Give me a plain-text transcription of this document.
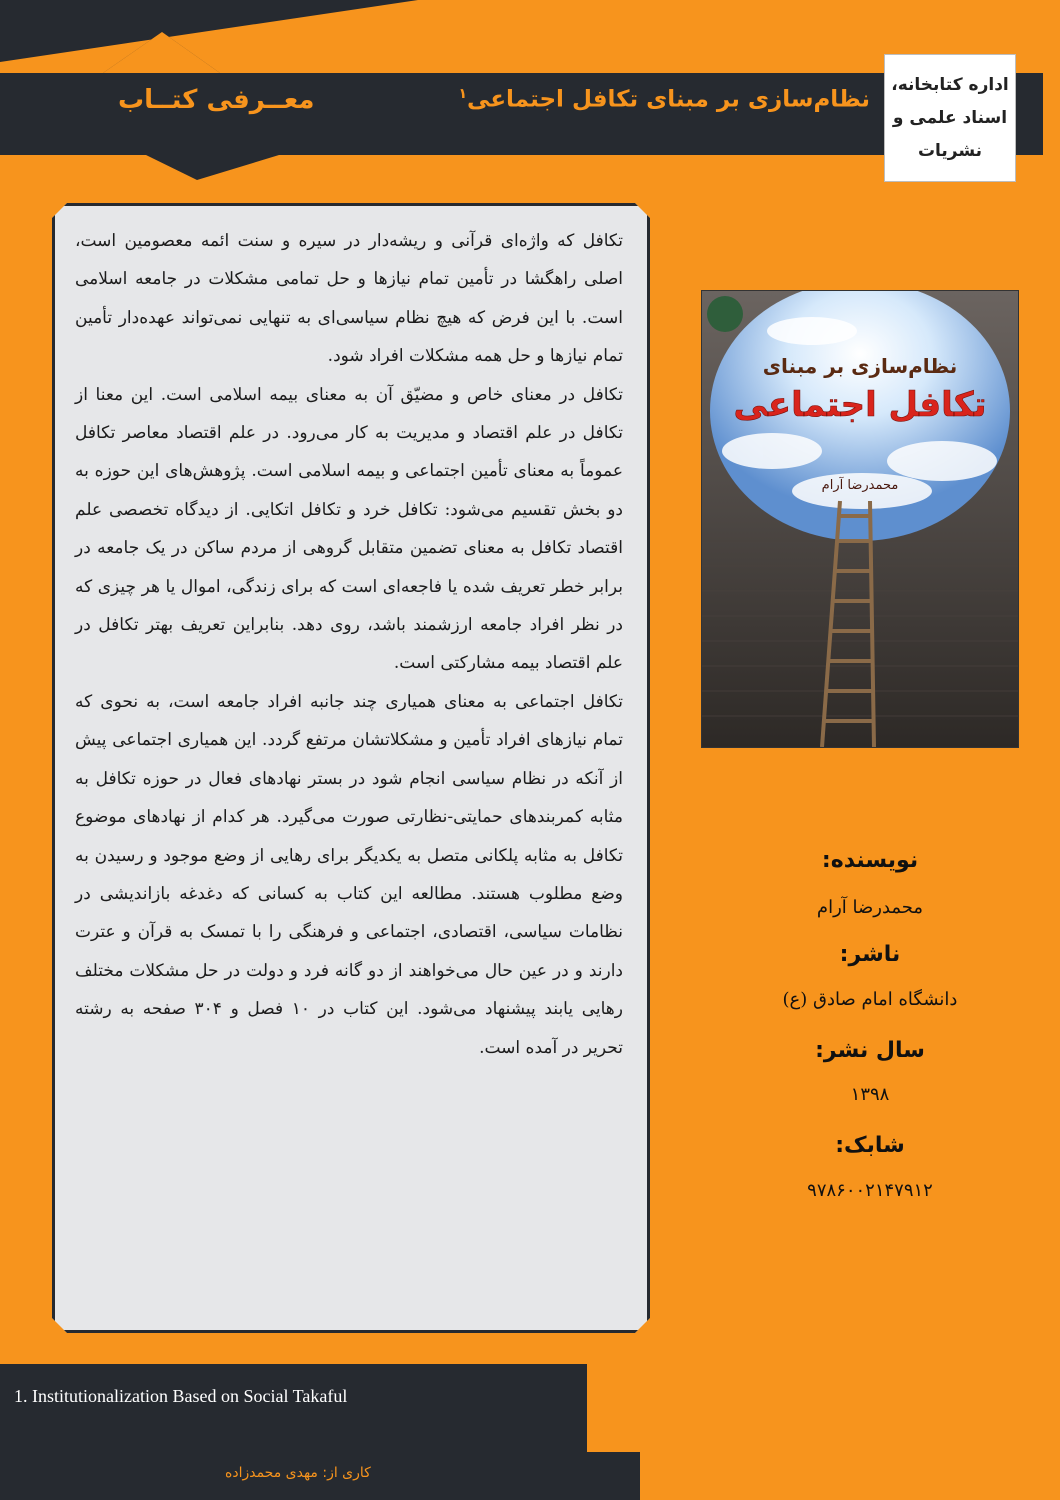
معــرفی کتــاب	نظام‌سازی بر مبنای تکافل اجتماعی$^۱$	اداره کتابخانه،
اسناد علمی و
نشریات

تکافل که واژه‌ای قرآنی و ریشه‌دار در سیره و سنت ائمه معصومین است، اصلی راهگشا در تأمین تمام نیازها و حل تمامی مشکلات در جامعه اسلامی است. با این فرض که هیچ نظام سیاسی‌ای به تنهایی نمی‌تواند عهده‌دار تأمین تمام نیازها و حل همه مشکلات افراد شود.

تکافل در معنای خاص و مضیّق آن به معنای بیمه اسلامی است. این معنا از تکافل در علم اقتصاد و مدیریت به کار می‌رود. در علم اقتصاد معاصر تکافل عموماً به معنای تأمین اجتماعی و بیمه اسلامی است. پژوهش‌های این حوزه به دو بخش تقسیم می‌شود: تکافل خرد و تکافل اتکایی. از دیدگاه تخصصی علم اقتصاد تکافل به معنای تضمین متقابل گروهی از مردم ساکن در یک جامعه در برابر خطر تعریف شده یا فاجعه‌ای است که برای زندگی، اموال یا هر چیزی که در نظر افراد جامعه ارزشمند باشد، روی دهد. بنابراین تعریف بهتر تکافل در علم اقتصاد بیمه مشارکتی است.

تکافل اجتماعی به معنای همیاری چند جانبه افراد جامعه است، به نحوی که تمام نیازهای افراد تأمین و مشکلاتشان مرتفع گردد. این همیاری اجتماعی پیش از آنکه در نظام سیاسی انجام شود در بستر نهادهای فعال در حوزه تکافل به مثابه کمربندهای حمایتی-نظارتی صورت می‌گیرد. هر کدام از نهادهای موضوع تکافل به مثابه پلکانی متصل به یکدیگر برای رهایی از وضع موجود و رسیدن به وضع مطلوب هستند. مطالعه این کتاب به کسانی که دغدغه بازاندیشی در نظامات سیاسی، اقتصادی، اجتماعی و فرهنگی را با تمسک به قرآن و عترت دارند و در عین حال می‌خواهند از دو گانه فرد و دولت در حل مشکلات مختلف رهایی یابند پیشنهاد می‌شود. این کتاب در ۱۰ فصل و ۳۰۴ صفحه به رشته تحریر در آمده است.

نظام‌سازی بر مبنای
تکافل اجتماعی
محمدرضا آرام
نویسنده:
محمدرضا آرام
ناشر:
دانشگاه امام صادق (ع)
سال نشر:
۱۳۹۸
شابک:
۹۷۸۶۰۰۲۱۴۷۹۱۲
1. Institutionalization Based on Social Takaful
کاری از: مهدی محمدزاده
